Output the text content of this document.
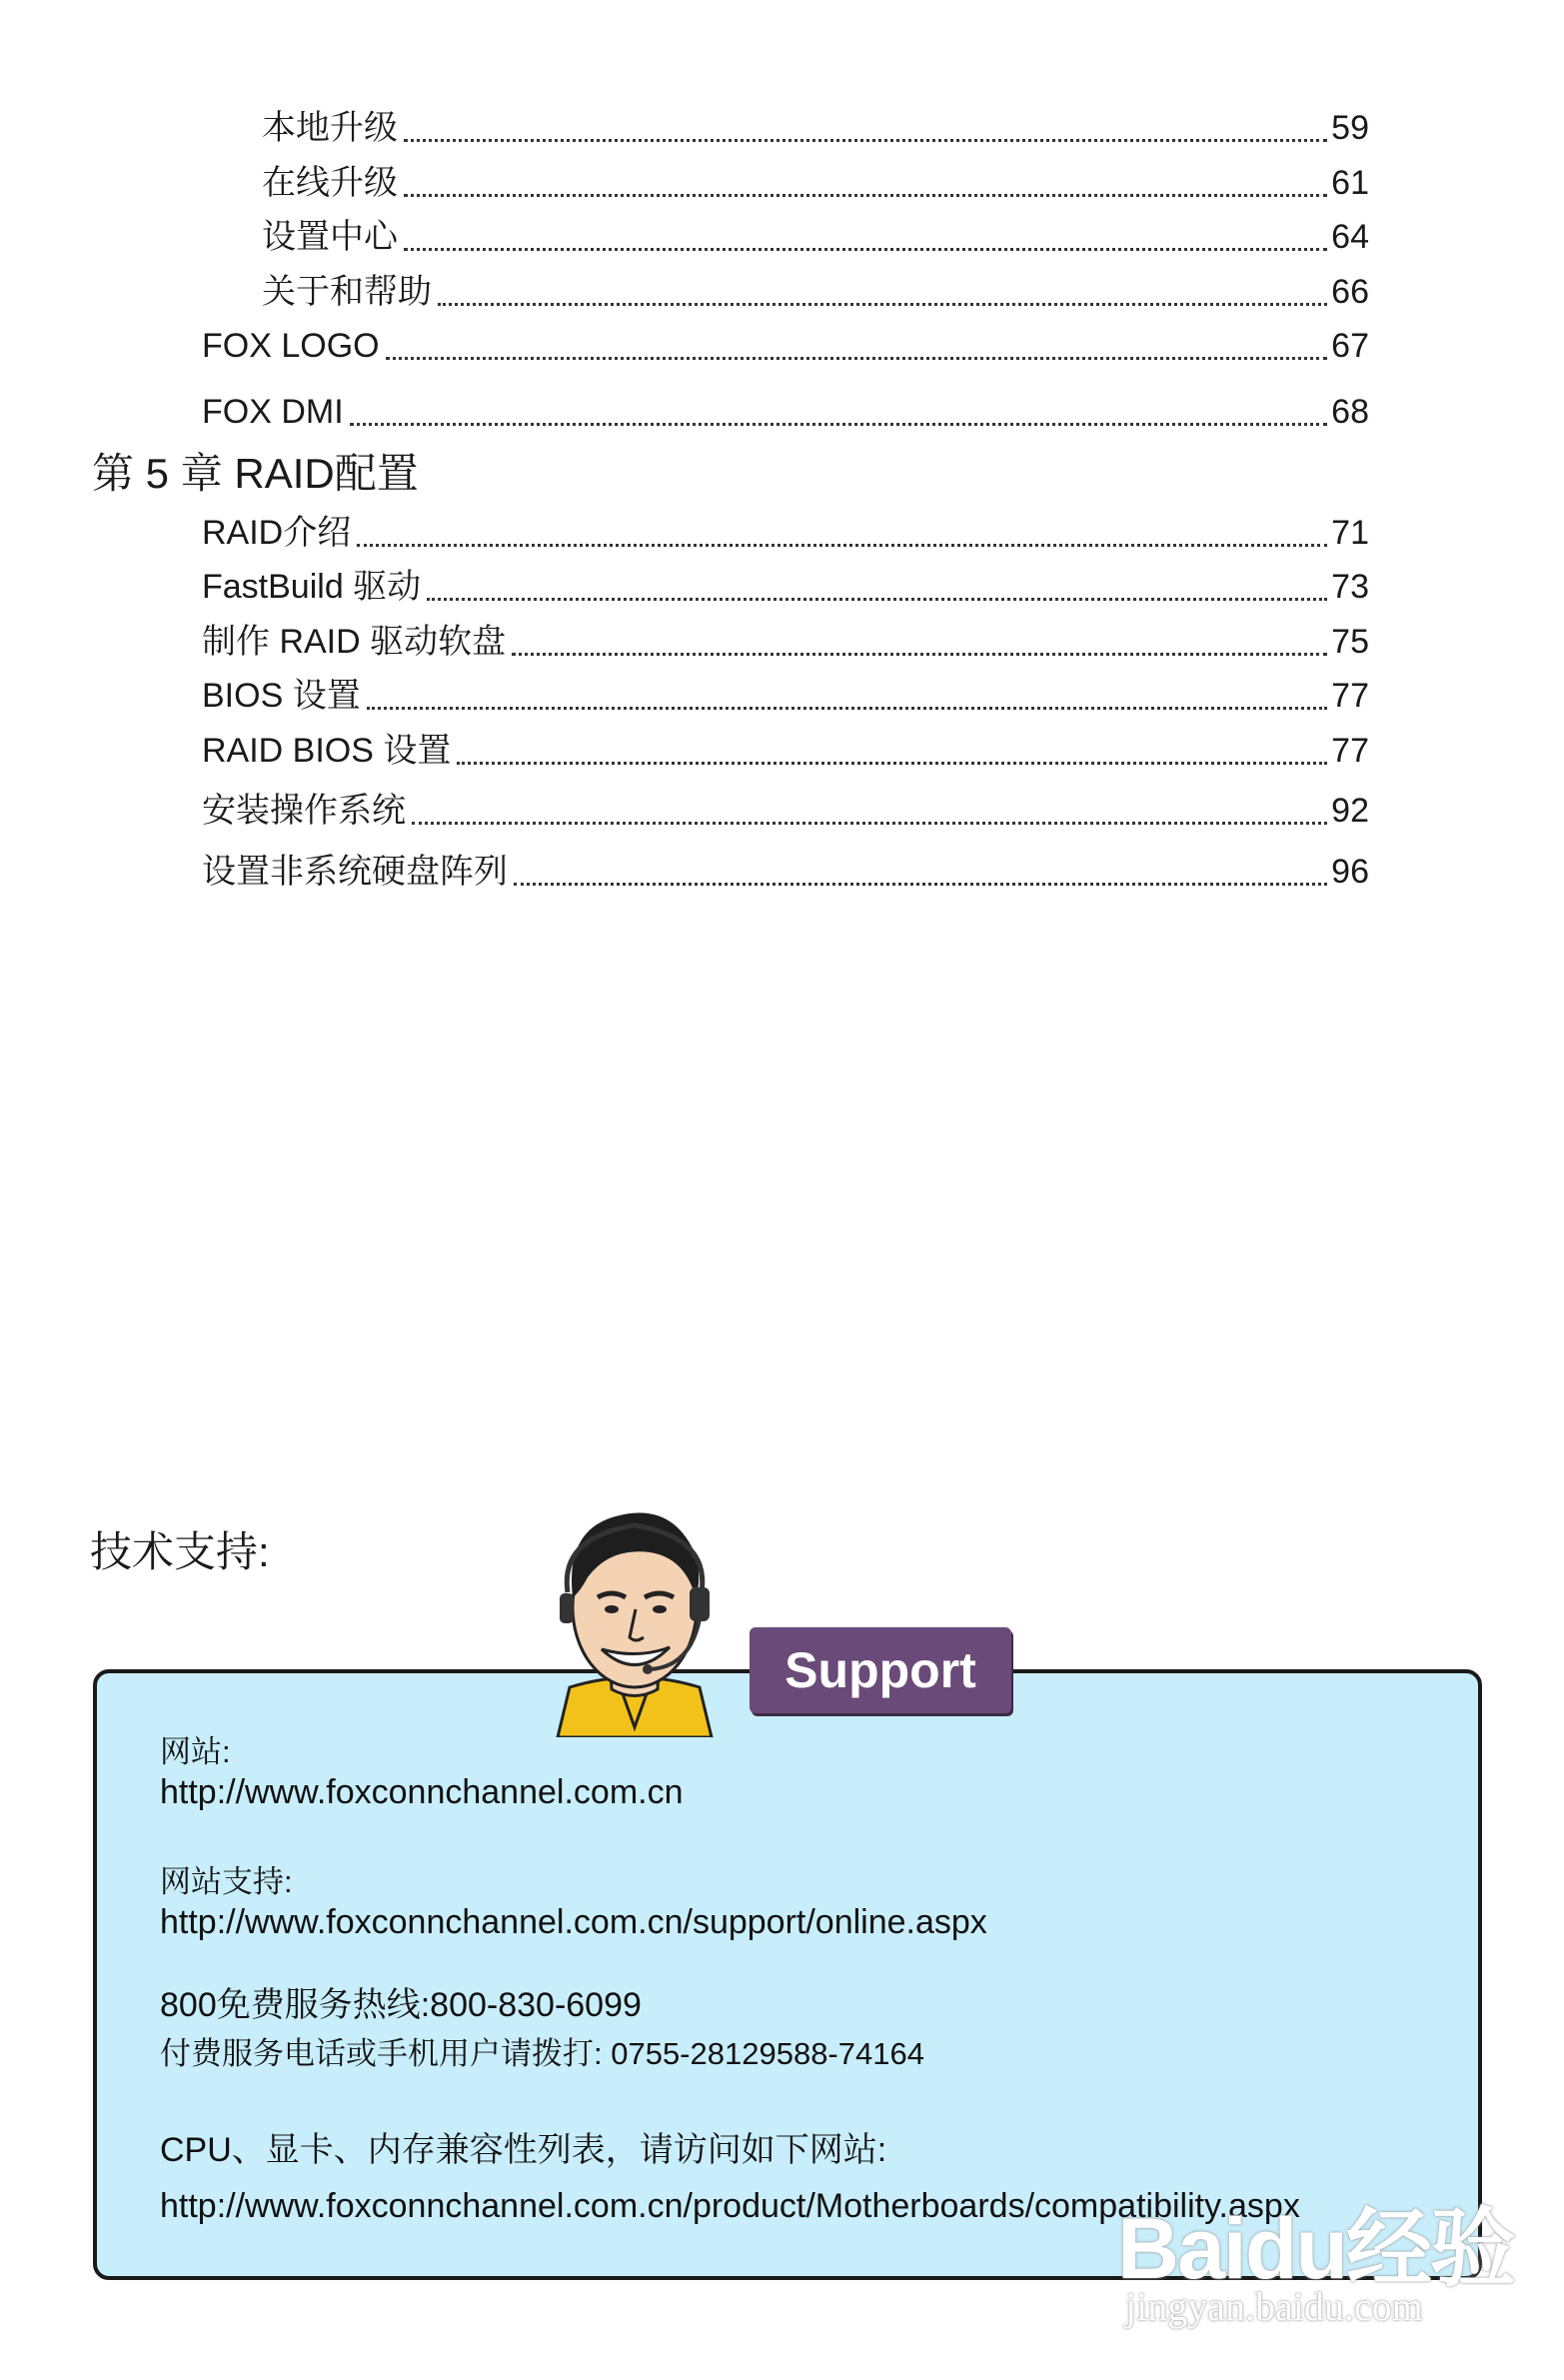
本地升级	59
在线升级	61
设置中心	64
关于和帮助	66
FOX LOGO	67
FOX DMI	68
第 5 章 RAID配置
RAID介绍	71
FastBuild 驱动	73
制作 RAID 驱动软盘	75
BIOS 设置	77
RAID BIOS 设置	77
安装操作系统	92
设置非系统硬盘阵列	96
技术支持:
Support
网站:
http://www.foxconnchannel.com.cn
网站支持:
http://www.foxconnchannel.com.cn/support/online.aspx
800免费服务热线:800-830-6099
付费服务电话或手机用户请拨打: 0755-28129588-74164
CPU、显卡、内存兼容性列表，请访问如下网站:
http://www.foxconnchannel.com.cn/product/Motherboards/compatibility.aspx
Baidu经验
jingyan.baidu.com
